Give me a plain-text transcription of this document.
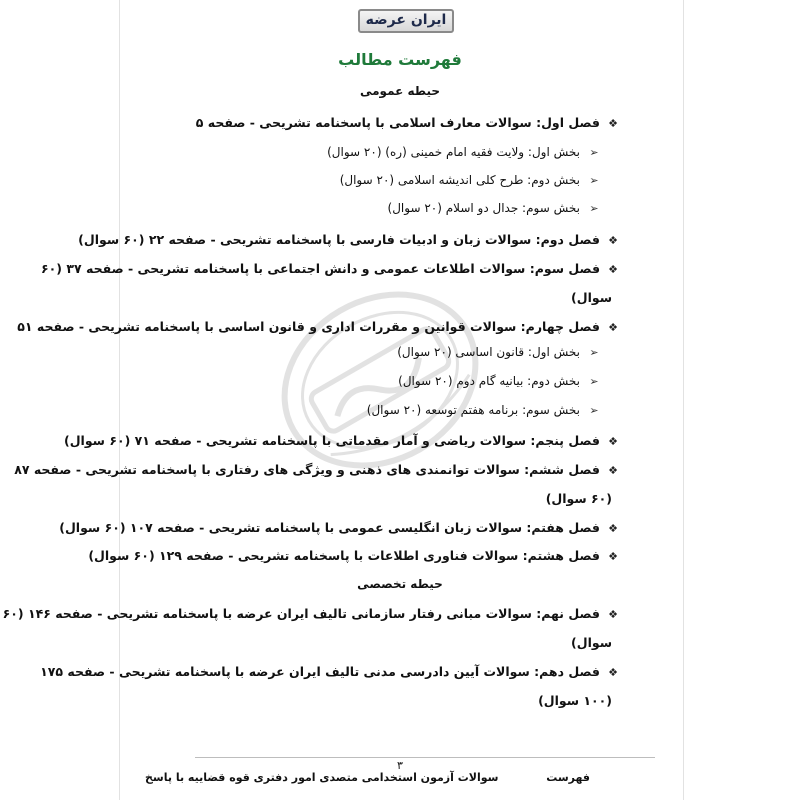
ایران عرضه
فهرست مطالب
حیطه عمومی
❖فصل اول: سوالات معارف اسلامی با پاسخنامه تشریحی - صفحه ۵
➢بخش اول: ولایت فقیه امام خمینی (ره) (۲۰ سوال)
➢بخش دوم: طرح کلی اندیشه اسلامی (۲۰ سوال)
➢بخش سوم: جدال دو اسلام (۲۰ سوال)
❖فصل دوم: سوالات زبان و ادبیات فارسی با پاسخنامه تشریحی - صفحه ۲۲ (۶۰ سوال)
❖فصل سوم: سوالات اطلاعات عمومی و دانش اجتماعی با پاسخنامه تشریحی - صفحه ۳۷ (۶۰
سوال)
❖فصل چهارم: سوالات قوانین و مقررات اداری و قانون اساسی با پاسخنامه تشریحی - صفحه ۵۱
➢بخش اول: قانون اساسی (۲۰ سوال)
➢بخش دوم: بیانیه گام دوم (۲۰ سوال)
➢بخش سوم: برنامه هفتم توسعه (۲۰ سوال)
❖فصل پنجم: سوالات ریاضی و آمار مقدماتی با پاسخنامه تشریحی - صفحه ۷۱ (۶۰ سوال)
❖فصل ششم: سوالات توانمندی های ذهنی و ویژگی های رفتاری با پاسخنامه تشریحی - صفحه ۸۷
(۶۰ سوال)
❖فصل هفتم: سوالات زبان انگلیسی عمومی با پاسخنامه تشریحی - صفحه ۱۰۷ (۶۰ سوال)
❖فصل هشتم: سوالات فناوری اطلاعات با پاسخنامه تشریحی - صفحه ۱۲۹ (۶۰ سوال)
حیطه تخصصی
❖فصل نهم: سوالات مبانی رفتار سازمانی تالیف ایران عرضه با پاسخنامه تشریحی - صفحه ۱۴۶ (۶۰
سوال)
❖فصل دهم: سوالات آیین دادرسی مدنی تالیف ایران عرضه با پاسخنامه تشریحی - صفحه ۱۷۵
(۱۰۰ سوال)
۳
فهرست
سوالات آزمون استخدامی متصدی امور دفتری قوه قضاییه با پاسخ
